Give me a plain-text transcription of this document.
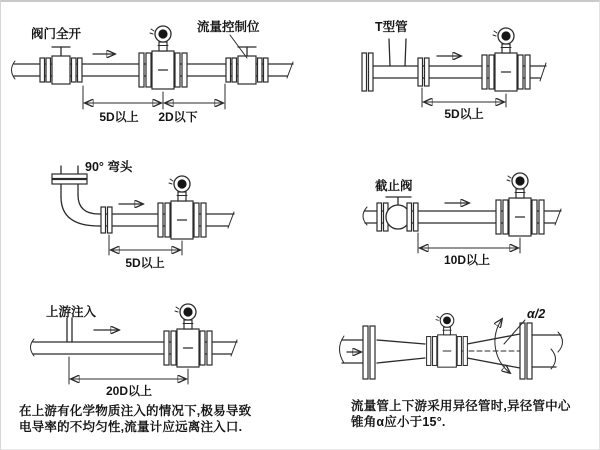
阀门全开	流量控制位
5D以上 2D以下
T型管
5D以上
90° 弯头
5D以上
截止阀
10D以上
上游注入
20D以上
在上游有化学物质注入的情况下,极易导致
电导率的不均匀性,流量计应远离注入口.
α/2
流量管上下游采用异径管时,异径管中心
锥角α应小于15°.
